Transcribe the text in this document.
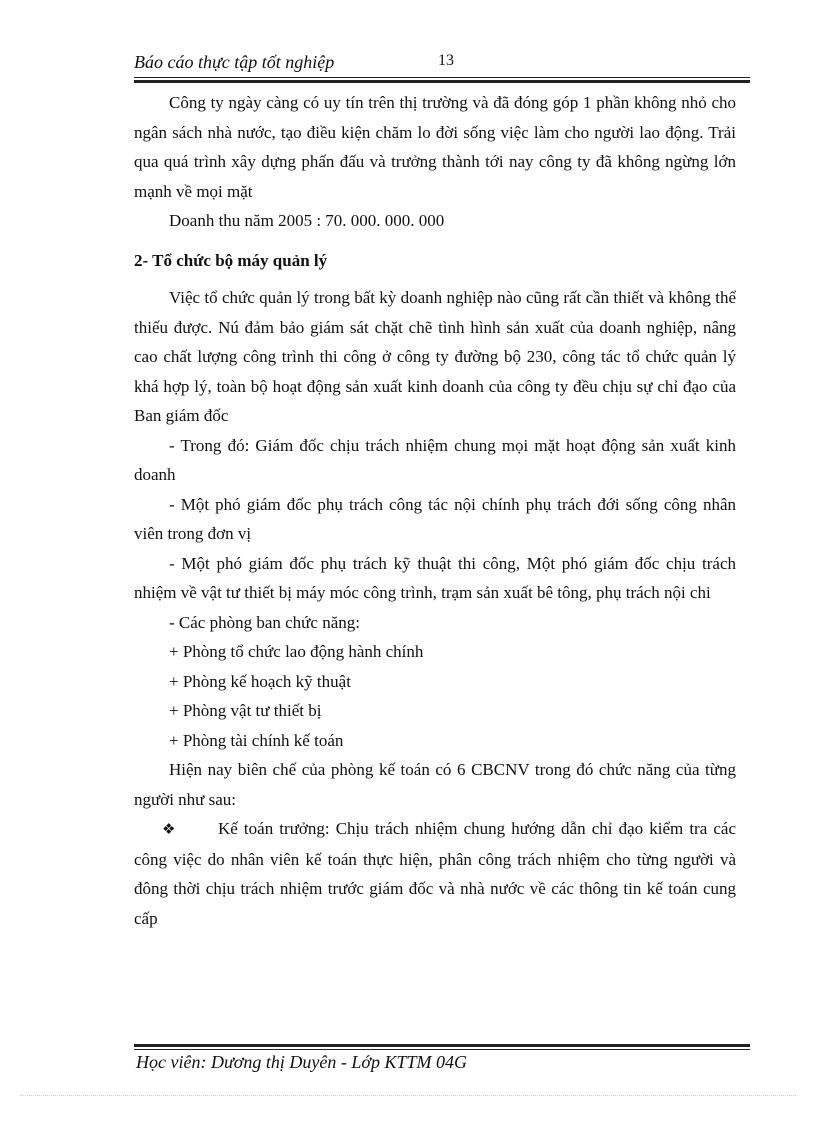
Báo cáo thực tập tốt nghiệp	13

Công ty ngày càng có uy tín trên thị trường và đã đóng góp 1 phần không nhỏ cho ngân sách nhà nước, tạo điều kiện chăm lo đời sống việc làm cho người lao động. Trải qua quá trình xây dựng phấn đấu và trưởng thành tới nay công ty đã không ngừng lớn mạnh về mọi mặt

Doanh thu năm 2005 : 70. 000. 000. 000

2- Tổ chức bộ máy quản lý

Việc tổ chức quản lý trong bất kỳ doanh nghiệp nào cũng rất cần thiết và không thể thiếu được. Nú đảm bảo giám sát chặt chẽ tình hình sản xuất của doanh nghiệp, nâng cao chất lượng công trình thi công ở công ty đường bộ 230, công tác tổ chức quản lý khá hợp lý, toàn bộ hoạt động sản xuất kinh doanh của công ty đều chịu sự chỉ đạo của Ban giám đốc

- Trong đó: Giám đốc chịu trách nhiệm chung mọi mặt hoạt động sản xuất kinh doanh

- Một phó giám đốc phụ trách công tác nội chính phụ trách đới sống công nhân viên trong đơn vị

- Một phó giám đốc phụ trách kỹ thuật thi công, Một phó giám đốc chịu trách nhiệm về vật tư thiết bị máy móc công trình, trạm sản xuất bê tông, phụ trách nội chi

- Các phòng ban chức năng:

+ Phòng tổ chức lao động hành chính

+ Phòng kế hoạch kỹ thuật

+ Phòng vật tư thiết bị

+ Phòng tài chính kế toán

Hiện nay biên chế của phòng kế toán có 6 CBCNV trong đó chức năng của từng người như sau:

❖	Kế toán trưởng: Chịu trách nhiệm chung hướng dẫn chỉ đạo kiểm tra các công việc do nhân viên kế toán thực hiện, phân công trách nhiệm cho từng người và đông thời chịu trách nhiệm trước giám đốc và nhà nước về các thông tin kế toán cung cấp

Học viên: Dương thị Duyên - Lớp KTTM 04G
